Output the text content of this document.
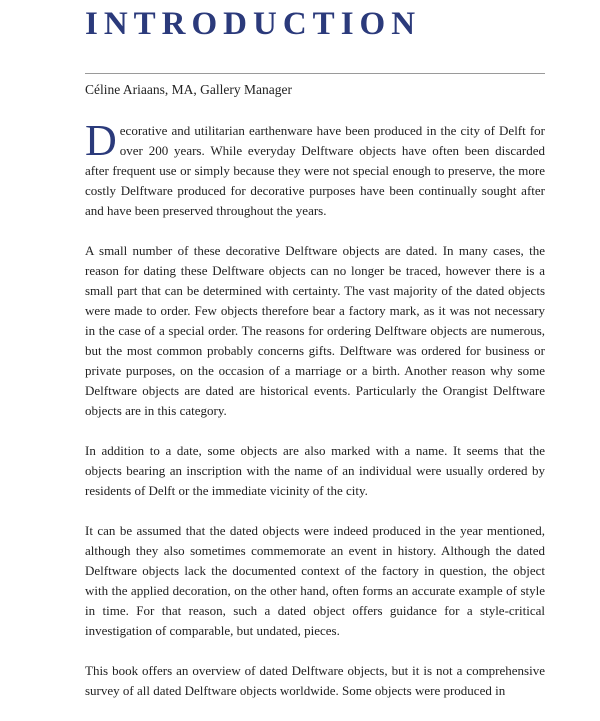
INTRODUCTION
Céline Ariaans, MA, Gallery Manager

Decorative and utilitarian earthenware have been produced in the city of Delft for over 200 years. While everyday Delftware objects have often been discarded after frequent use or simply because they were not special enough to preserve, the more costly Delftware produced for decorative purposes have been continually sought after and have been preserved throughout the years.

A small number of these decorative Delftware objects are dated. In many cases, the reason for dating these Delftware objects can no longer be traced, however there is a small part that can be determined with certainty. The vast majority of the dated objects were made to order. Few objects therefore bear a factory mark, as it was not necessary in the case of a special order. The reasons for ordering Delftware objects are numerous, but the most common probably concerns gifts. Delftware was ordered for business or private purposes, on the occasion of a marriage or a birth. Another reason why some Delftware objects are dated are historical events. Particularly the Orangist Delftware objects are in this category.

In addition to a date, some objects are also marked with a name. It seems that the objects bearing an inscription with the name of an individual were usually ordered by residents of Delft or the immediate vicinity of the city.

It can be assumed that the dated objects were indeed produced in the year mentioned, although they also sometimes commemorate an event in history. Although the dated Delftware objects lack the documented context of the factory in question, the object with the applied decoration, on the other hand, often forms an accurate example of style in time. For that reason, such a dated object offers guidance for a style-critical investigation of comparable, but undated, pieces.

This book offers an overview of dated Delftware objects, but it is not a comprehensive survey of all dated Delftware objects worldwide. Some objects were produced in
